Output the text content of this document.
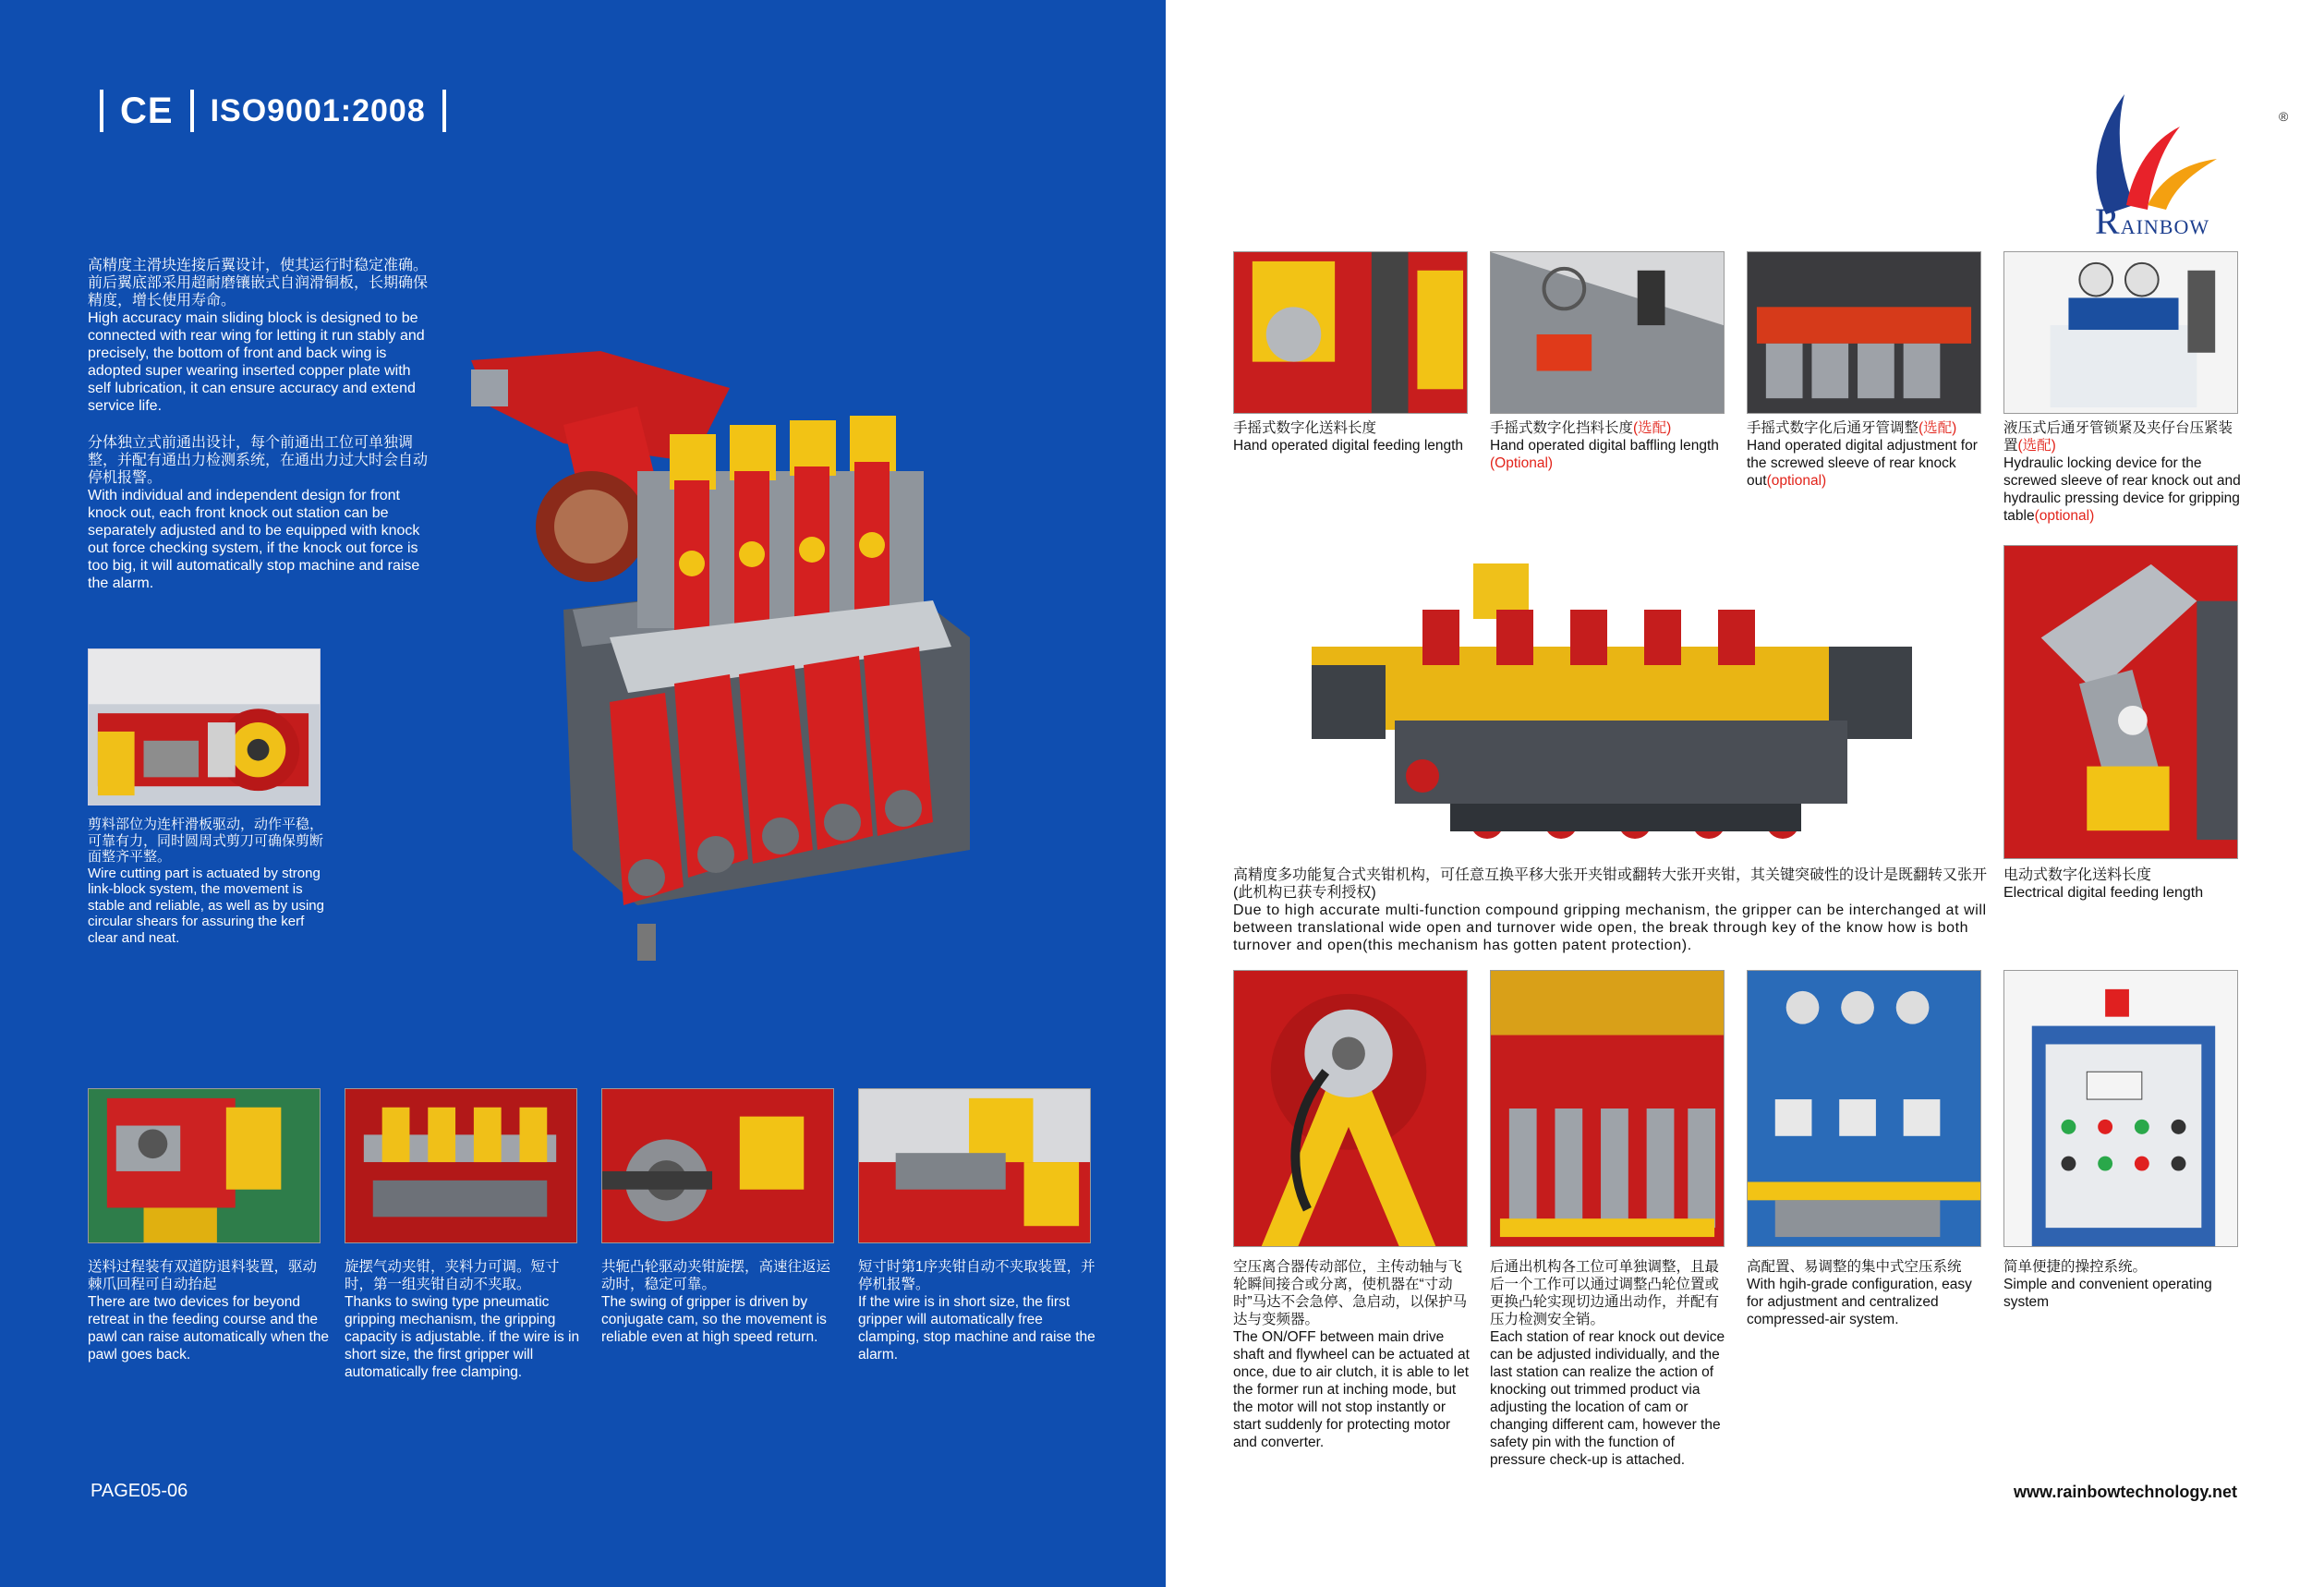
CE ISO9001:2008

高精度主滑块连接后翼设计，使其运行时稳定准确。前后翼底部采用超耐磨镶嵌式自润滑铜板，长期确保精度，增长使用寿命。

High accuracy main sliding block is designed to be connected with rear wing for letting it run stably and precisely, the bottom of front and back wing is adopted super wearing inserted copper plate with self lubrication, it can ensure accuracy and extend service life.

分体独立式前通出设计，每个前通出工位可单独调整，并配有通出力检测系统，在通出力过大时会自动停机报警。

With individual and independent design for front knock out, each front knock out station can be separately adjusted and to be equipped with knock out force checking system, if the knock out force is too big, it will automatically stop machine and raise the alarm.

剪料部位为连杆滑板驱动，动作平稳，可靠有力，同时圆周式剪刀可确保剪断面整齐平整。

Wire cutting part is actuated by strong link-block system, the movement is stable and reliable, as well as by using circular shears for assuring the kerf clear and neat.

送料过程装有双道防退料装置，驱动棘爪回程可自动抬起

There are two devices for beyond retreat in the feeding course and the pawl can raise automatically when the pawl goes back.

旋摆气动夹钳，夹料力可调。短寸时，第一组夹钳自动不夹取。

Thanks to swing type pneumatic gripping mechanism, the gripping capacity is adjustable. if the wire is in short size, the first gripper will automatically free clamping.

共轭凸轮驱动夹钳旋摆，高速往返运动时，稳定可靠。

The swing of gripper is driven by conjugate cam, so the movement is reliable even at high speed return.

短寸时第1序夹钳自动不夹取装置，并停机报警。

If the wire is in short size, the first gripper will automatically free clamping, stop machine and raise the alarm.

PAGE05-06
®
RAINBOW

手摇式数字化送料长度

Hand operated digital feeding length

手摇式数字化挡料长度(选配)

Hand operated digital baffling length

(Optional)

手摇式数字化后通牙管调整(选配)

Hand operated digital adjustment for the screwed sleeve of rear knock out(optional)

液压式后通牙管锁紧及夹仔台压紧装置(选配)

Hydraulic locking device for the screwed sleeve of rear knock out and hydraulic pressing device for gripping table(optional)

高精度多功能复合式夹钳机构，可任意互换平移大张开夹钳或翻转大张开夹钳，其关键突破性的设计是既翻转又张开(此机构已获专利授权)

Due to high accurate multi-function compound gripping mechanism, the gripper can be interchanged at will between translational wide open and turnover wide open, the break through key of the know how is both turnover and open(this mechanism has gotten patent protection).

电动式数字化送料长度

Electrical digital feeding length

空压离合器传动部位，主传动轴与飞轮瞬间接合或分离，使机器在“寸动时”马达不会急停、急启动，以保护马达与变频器。

The ON/OFF between main drive shaft and flywheel can be actuated at once, due to air clutch, it is able to let the former run at inching mode, but the motor will not stop instantly or start suddenly for protecting motor and converter.

后通出机构各工位可单独调整，且最后一个工作可以通过调整凸轮位置或更换凸轮实现切边通出动作，并配有压力检测安全销。

Each station of rear knock out device can be adjusted individually, and the last station can realize the action of knocking out trimmed product via adjusting the location of cam or changing different cam, however the safety pin with the function of pressure check-up is attached.

高配置、易调整的集中式空压系统

With hgih-grade configuration, easy for adjustment and centralized compressed-air system.

简单便捷的操控系统。

Simple and convenient operating system

www.rainbowtechnology.net
